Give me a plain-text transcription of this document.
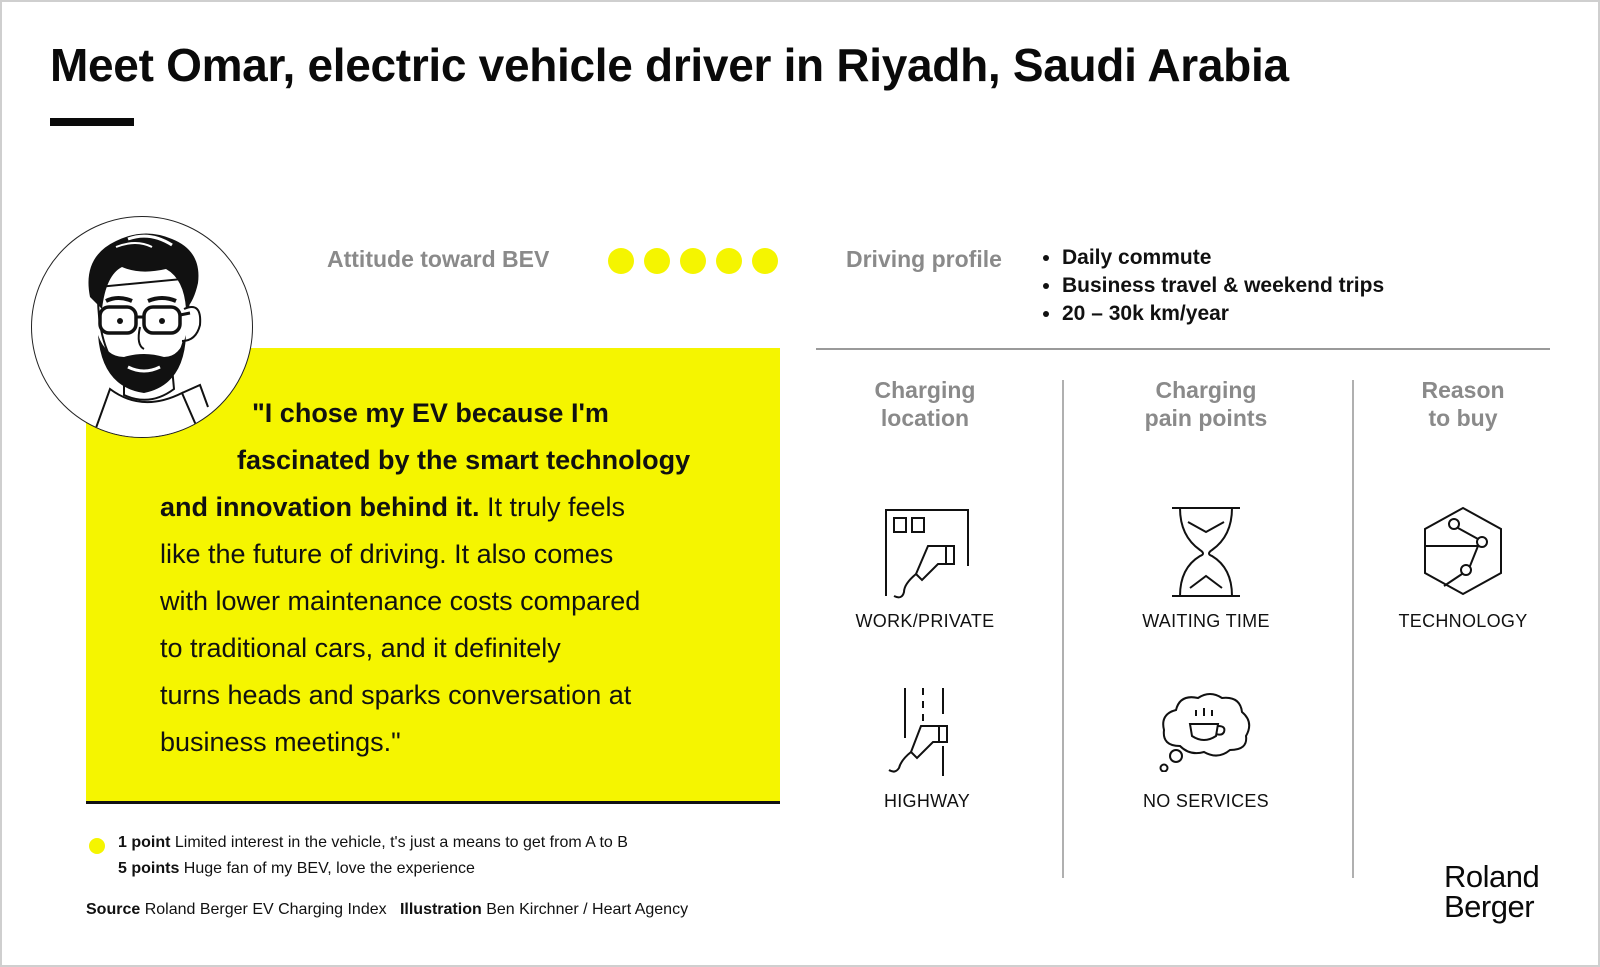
Meet Omar, electric vehicle driver in Riyadh, Saudi Arabia
"I chose my EV because I'm
fascinated by the smart technology
and innovation behind it. It truly feels
like the future of driving. It also comes
with lower maintenance costs compared
to traditional cars, and it definitely
turns heads and sparks conversation at
business meetings."
Attitude toward BEV	Driving profile
•	Daily commute
• Business travel & weekend trips
• 20 – 30k km/year
Charging
location
Charging
pain points
Reason
to buy
WORK/PRIVATE
HIGHWAY
WAITING TIME
NO SERVICES
TECHNOLOGY
1 point Limited interest in the vehicle, t's just a means to get from A to B
5 points Huge fan of my BEV, love the experience
Source Roland Berger EV Charging Index Illustration Ben Kirchner / Heart Agency
Roland
Berger
